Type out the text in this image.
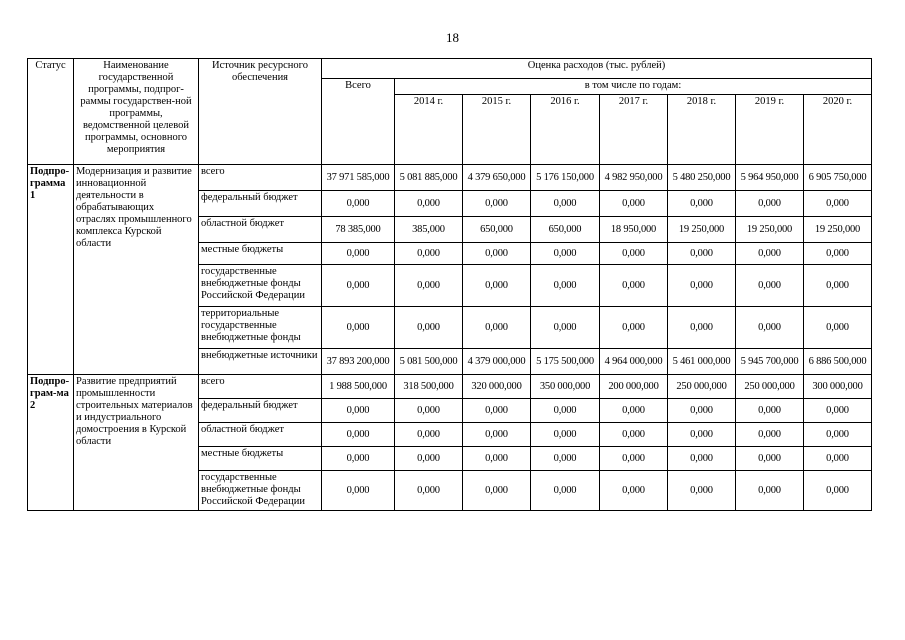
18
Статус	Наименование государственной программы, подпрог-раммы государствен-ной программы, ведомственной целевой программы, основного мероприятия	Источник ресурсного обеспечения	Оценка расходов (тыс. рублей)							
			Всего	в том числе по годам:						
				2014 г.	2015 г.	2016 г.	2017 г.	2018 г.	2019 г.	2020 г.
Подпро-грамма 1	Модернизация и развитие инновационной деятельности в обрабатывающих отраслях промышленного комплекса Курской области	всего	37 971 585,000	5 081 885,000	4 379 650,000	5 176 150,000	4 982 950,000	5 480 250,000	5 964 950,000	6 905 750,000
		федеральный бюджет	0,000	0,000	0,000	0,000	0,000	0,000	0,000	0,000
		областной бюджет	78 385,000	385,000	650,000	650,000	18 950,000	19 250,000	19 250,000	19 250,000
		местные бюджеты	0,000	0,000	0,000	0,000	0,000	0,000	0,000	0,000
		государственные внебюджетные фонды Российской Федерации	0,000	0,000	0,000	0,000	0,000	0,000	0,000	0,000
		территориальные государственные внебюджетные фонды	0,000	0,000	0,000	0,000	0,000	0,000	0,000	0,000
		внебюджетные источники	37 893 200,000	5 081 500,000	4 379 000,000	5 175 500,000	4 964 000,000	5 461 000,000	5 945 700,000	6 886 500,000
Подпро-грам-ма 2	Развитие предприятий промышленности строительных материалов и индустриального домостроения в Курской области	всего	1 988 500,000	318 500,000	320 000,000	350 000,000	200 000,000	250 000,000	250 000,000	300 000,000
		федеральный бюджет	0,000	0,000	0,000	0,000	0,000	0,000	0,000	0,000
		областной бюджет	0,000	0,000	0,000	0,000	0,000	0,000	0,000	0,000
		местные бюджеты	0,000	0,000	0,000	0,000	0,000	0,000	0,000	0,000
		государственные внебюджетные фонды Российской Федерации	0,000	0,000	0,000	0,000	0,000	0,000	0,000	0,000
